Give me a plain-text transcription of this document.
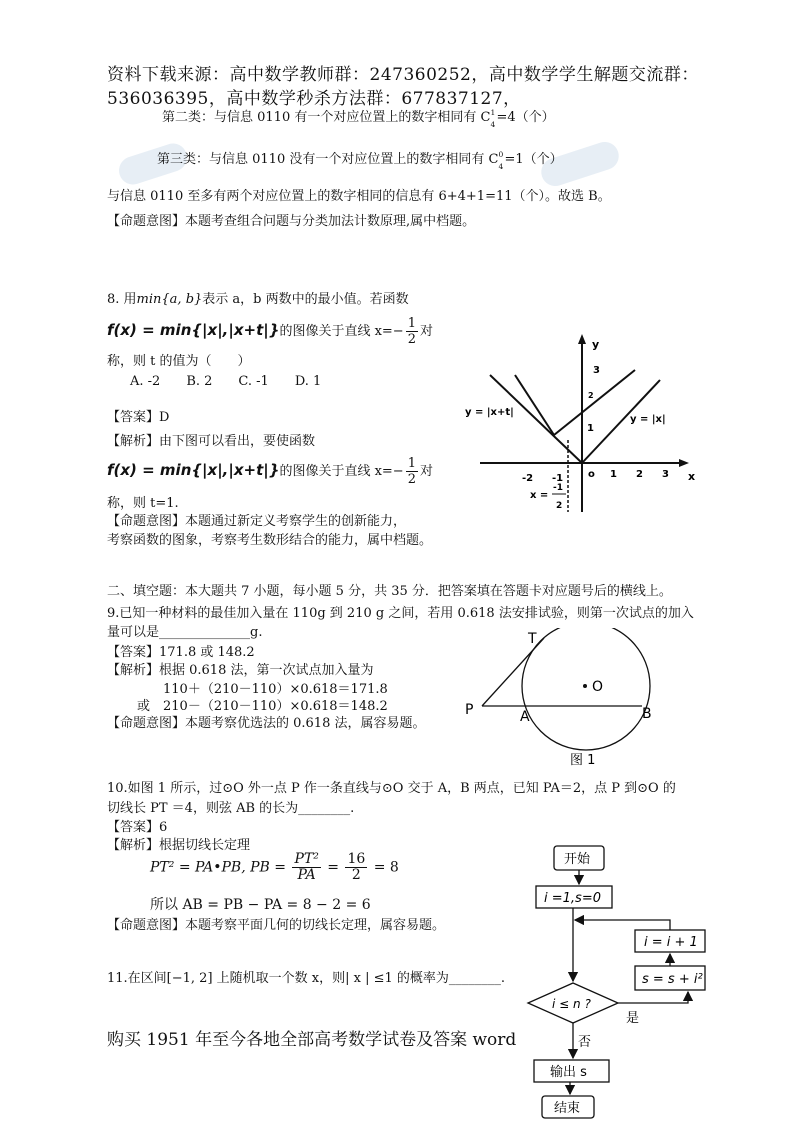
资料下载来源：高中数学教师群：247360252，高中数学学生解题交流群：
536036395，高中数学秒杀方法群：677837127，
第二类：与信息 0110 有一个对应位置上的数字相同有 C 1
4 =4（个）
第三类：与信息 0110 没有一个对应位置上的数字相同有 C 0
4 =1（个）
与信息 0110 至多有两个对应位置上的数字相同的信息有 6+4+1=11（个）。故选 B。
【命题意图】本题考查组合问题与分类加法计数原理,属中档题。
8. 用min{a, b}表示 a，b 两数中的最小值。若函数
f(x) = min{|x|,|x+t|}的图像关于直线 $x=- \frac{1}{2}$ 对
称，则 t 的值为（　　）
A. -2　　B. 2　　C. -1　　D. 1
【答案】D
【解析】由下图可以看出，要使函数
f(x) = min{|x|,|x+t|}的图像关于直线 $x=- \frac{1}{2}$ 对
称，则 t=1.
【命题意图】本题通过新定义考察学生的创新能力，
考察函数的图象，考察考生数形结合的能力，属中档题。
y
x
y = |x+t|
y = |x|
-2 -1 o 1 2 3
3
2
1
x =
-1
2
二、填空题：本大题共 7 小题，每小题 5 分，共 35 分．把答案填在答题卡对应题号后的横线上。
9.已知一种材料的最佳加入量在 110g 到 210 g 之间，若用 0.618 法安排试验，则第一次试点的加入
量可以是______________g.
【答案】171.8 或 148.2
【解析】根据 0.618 法，第一次试点加入量为
110＋（210－110）×0.618＝171.8
或 210－（210－110）×0.618＝148.2
【命题意图】本题考察优选法的 0.618 法，属容易题。
T
O
P	A	B
图 1
10.如图 1 所示，过⊙O 外一点 P 作一条直线与⊙O 交于 A，B 两点，已知 PA＝2，点 P 到⊙O 的
切线长 PT ＝4，则弦 AB 的长为________.
【答案】6
【解析】根据切线长定理
PT² = PA•PB, PB = $\frac{\text{PT²}}{PA} = \frac{16}{2} = 8$
所以 AB = PB − PA = 8 − 2 = 6
【命题意图】本题考察平面几何的切线长定理，属容易题。
11.在区间[−1, 2] 上随机取一个数 x，则| x | ≤1 的概率为________.
购买 1951 年至今各地全部高考数学试卷及答案 word
开始
i =1,s=0
i = i + 1
s = s + i²
i ≤ n ?
是
否
输出 s
结束
